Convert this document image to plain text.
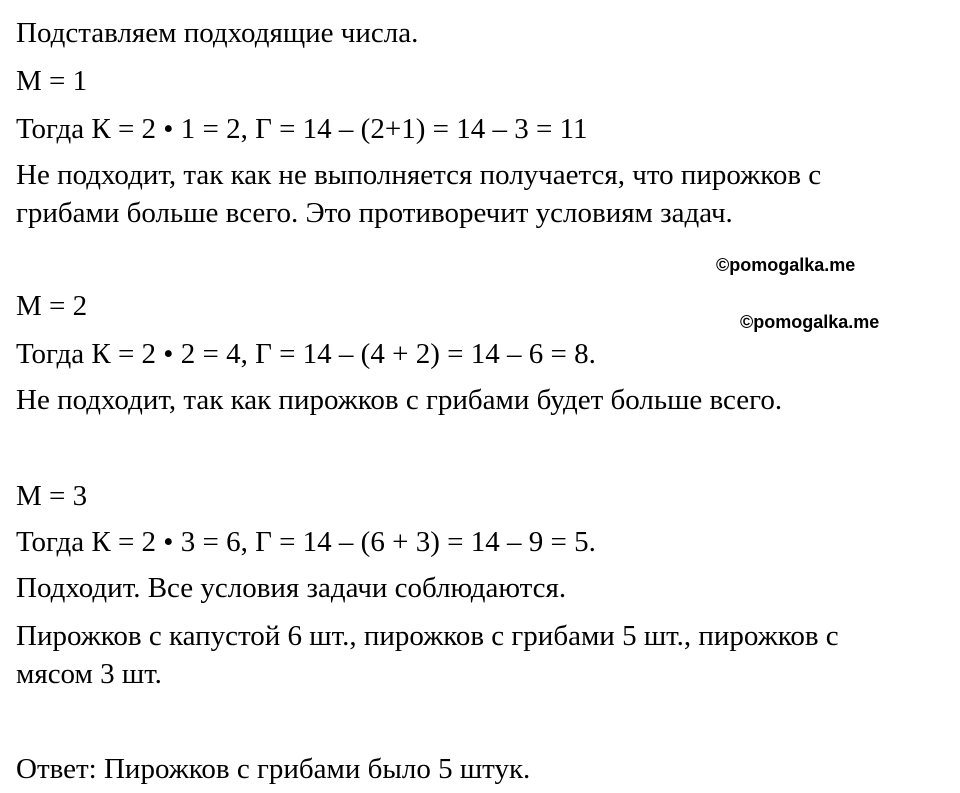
Подставляем подходящие числа.

М = 1

Тогда К = 2 • 1 = 2, Г = 14 – (2+1) = 14 – 3 = 11

Не подходит, так как не выполняется получается, что пирожков с

грибами больше всего. Это противоречит условиям задач.

©pomogalka.me

М = 2	©pomogalka.me

Тогда К = 2 • 2 = 4, Г = 14 – (4 + 2) = 14 – 6 = 8.

Не подходит, так как пирожков с грибами будет больше всего.

М = 3

Тогда К = 2 • 3 = 6, Г = 14 – (6 + 3) = 14 – 9 = 5.

Подходит. Все условия задачи соблюдаются.

Пирожков с капустой 6 шт., пирожков с грибами 5 шт., пирожков с

мясом 3 шт.

Ответ: Пирожков с грибами было 5 штук.
